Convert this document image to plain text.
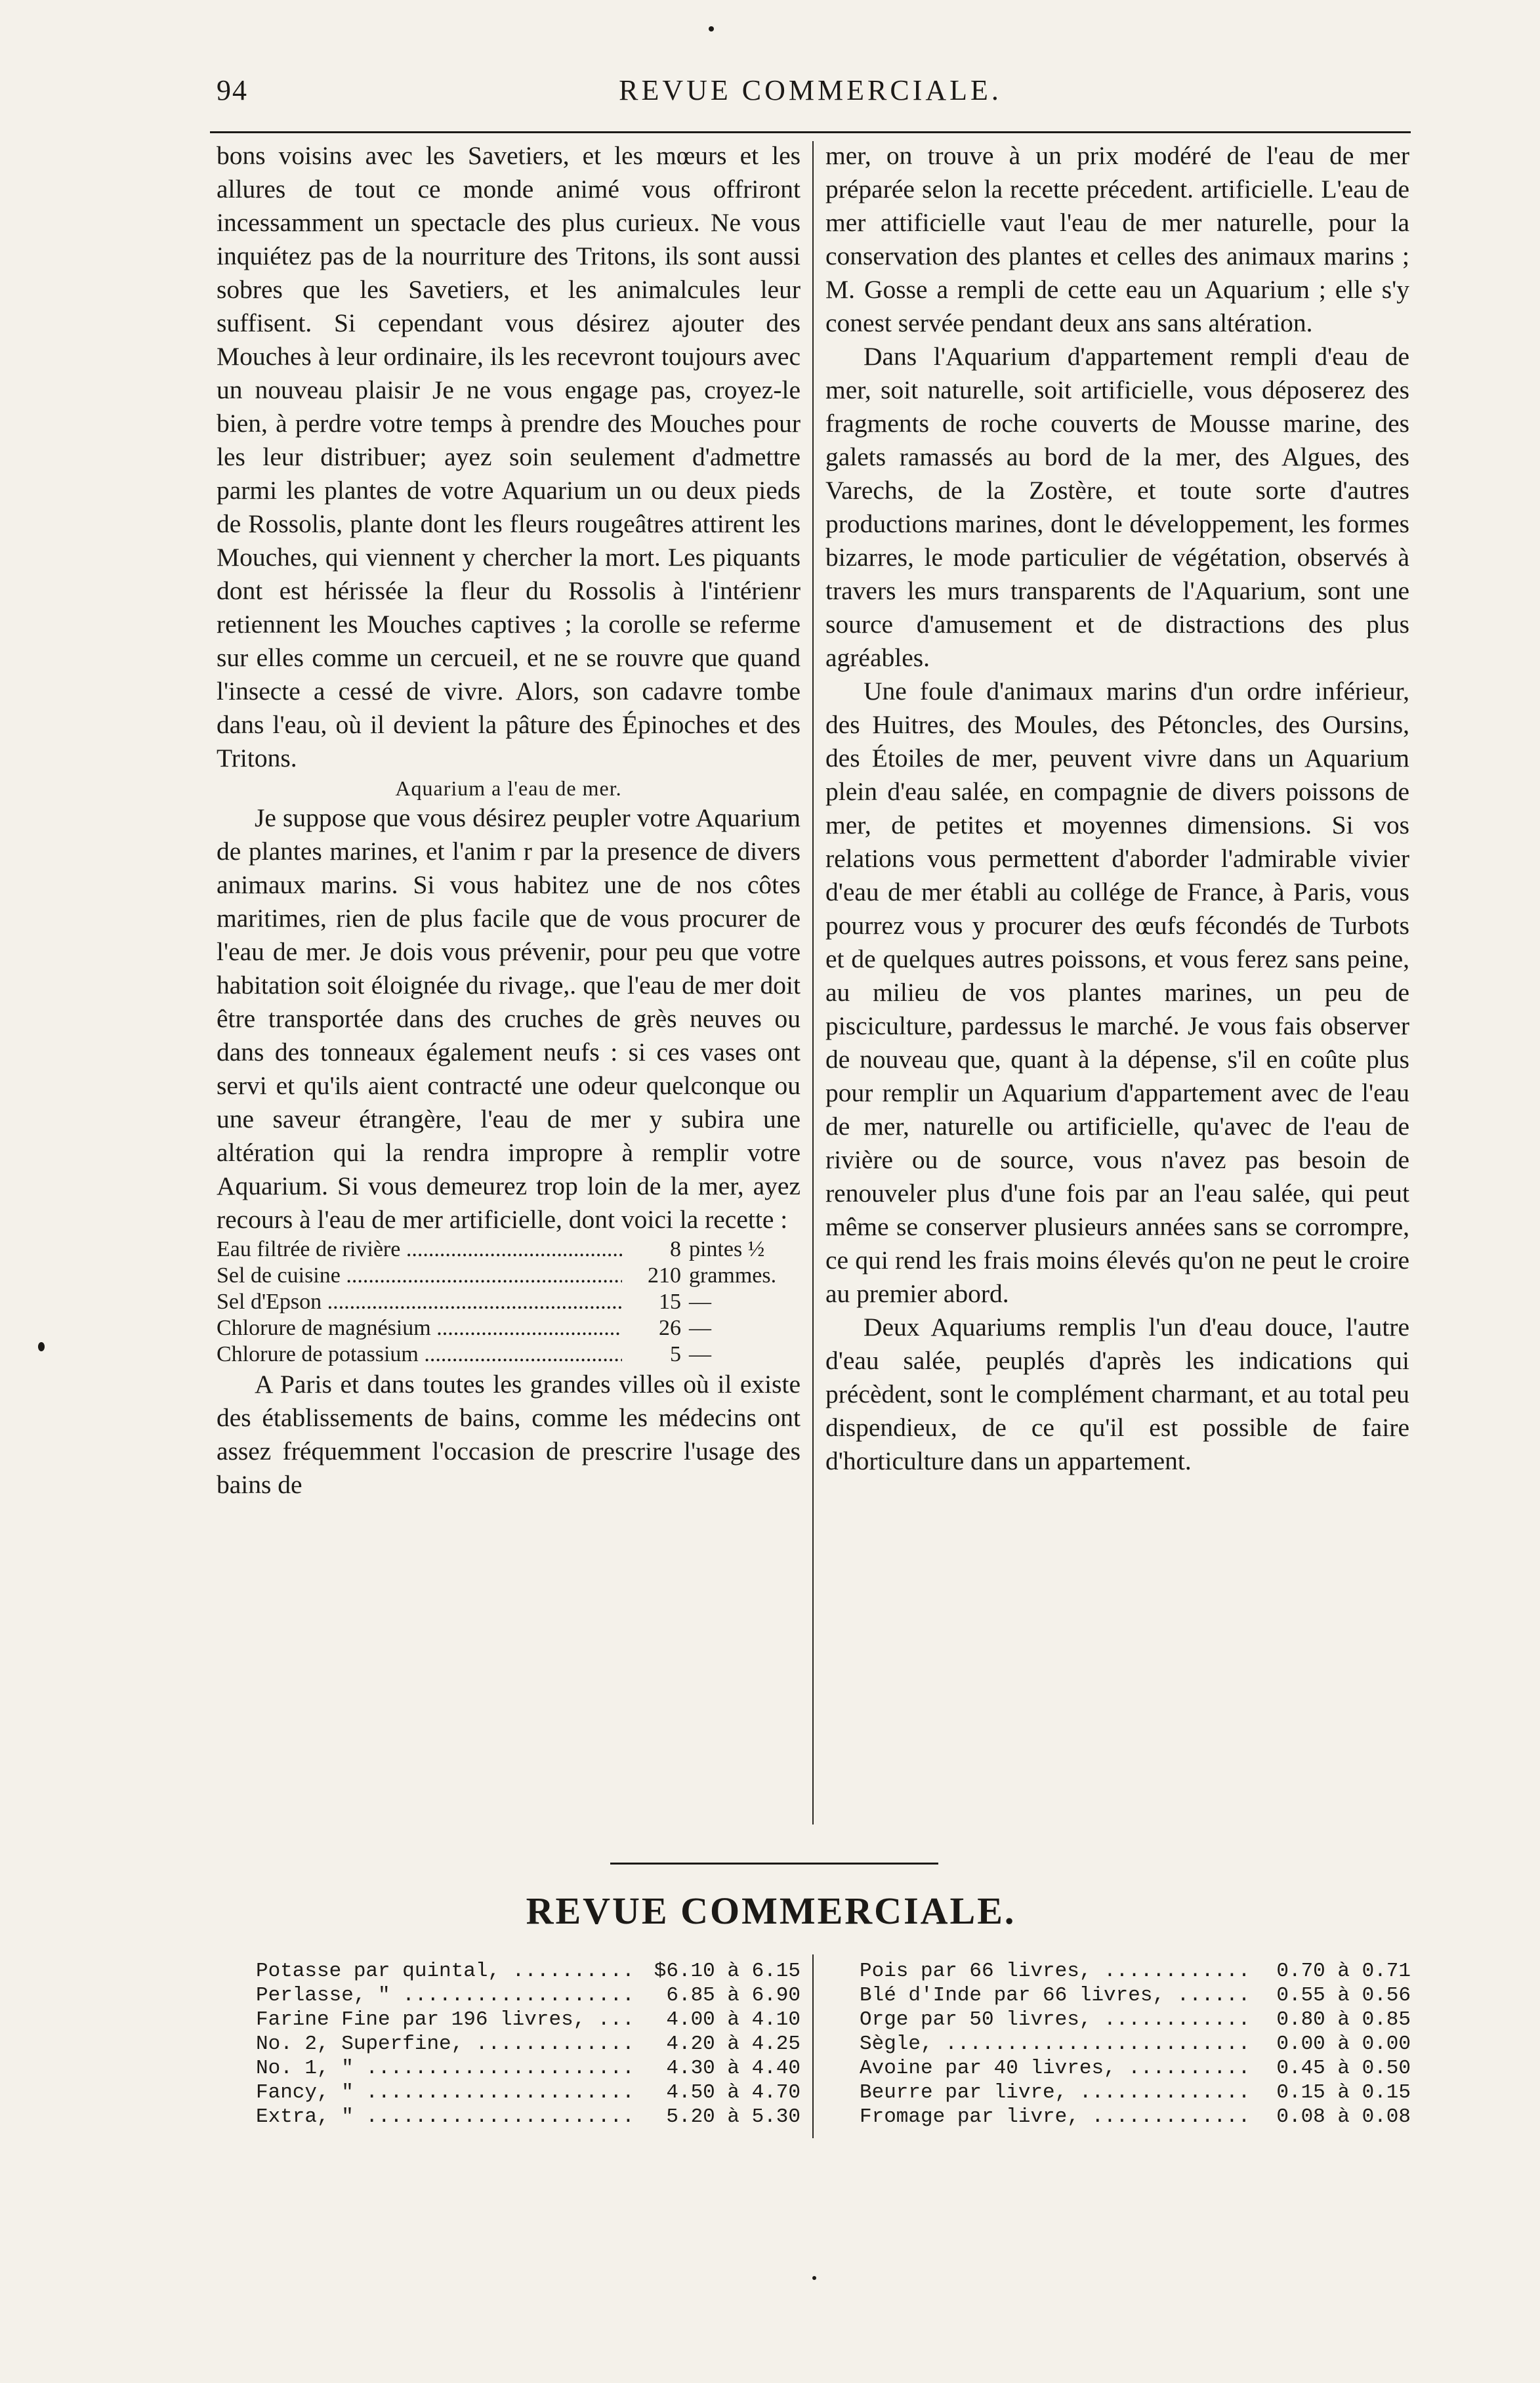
94	REVUE COMMERCIALE.

bons voisins avec les Savetiers, et les mœurs et les allures de tout ce monde animé vous offriront incessamment un spectacle des plus curieux. Ne vous inquiétez pas de la nourriture des Tritons, ils sont aussi sobres que les Savetiers, et les animalcules leur suffisent. Si cependant vous désirez ajouter des Mouches à leur ordinaire, ils les recevront toujours avec un nouveau plaisir Je ne vous engage pas, croyez-le bien, à perdre votre temps à prendre des Mouches pour les leur distribuer; ayez soin seulement d'admettre parmi les plantes de votre Aquarium un ou deux pieds de Rossolis, plante dont les fleurs rougeâtres attirent les Mouches, qui viennent y chercher la mort. Les piquants dont est hérissée la fleur du Rossolis à l'intérienr retiennent les Mouches captives ; la corolle se referme sur elles comme un cercueil, et ne se rouvre que quand l'insecte a cessé de vivre. Alors, son cadavre tombe dans l'eau, où il devient la pâture des Épinoches et des Tritons.

Aquarium a l'eau de mer.

Je suppose que vous désirez peupler votre Aquarium de plantes marines, et l'anim r par la presence de divers animaux marins. Si vous habitez une de nos côtes maritimes, rien de plus facile que de vous procurer de l'eau de mer. Je dois vous prévenir, pour peu que votre habitation soit éloignée du rivage,. que l'eau de mer doit être transportée dans des cruches de grès neuves ou dans des tonneaux également neufs : si ces vases ont servi et qu'ils aient contracté une odeur quelconque ou une saveur étrangère, l'eau de mer y subira une altération qui la rendra impropre à remplir votre Aquarium. Si vous demeurez trop loin de la mer, ayez recours à l'eau de mer artificielle, dont voici la recette :

Eau filtrée de rivière .....	8 pintes ½
Sel de cuisine .....	210 grammes.
Sel d'Epson .....	15 —
Chlorure de magnésium .....	26 —
Chlorure de potassium .....	5 —

A Paris et dans toutes les grandes villes où il existe des établissements de bains, comme les médecins ont assez fréquemment l'occasion de prescrire l'usage des bains de

mer, on trouve à un prix modéré de l'eau de mer préparée selon la recette précedent. artificielle. L'eau de mer attificielle vaut l'eau de mer naturelle, pour la conservation des plantes et celles des animaux marins ; M. Gosse a rempli de cette eau un Aquarium ; elle s'y conest servée pendant deux ans sans altération.

Dans l'Aquarium d'appartement rempli d'eau de mer, soit naturelle, soit artificielle, vous déposerez des fragments de roche couverts de Mousse marine, des galets ramassés au bord de la mer, des Algues, des Varechs, de la Zostère, et toute sorte d'autres productions marines, dont le développement, les formes bizarres, le mode particulier de végétation, observés à travers les murs transparents de l'Aquarium, sont une source d'amusement et de distractions des plus agréables.

Une foule d'animaux marins d'un ordre inférieur, des Huitres, des Moules, des Pétoncles, des Oursins, des Étoiles de mer, peuvent vivre dans un Aquarium plein d'eau salée, en compagnie de divers poissons de mer, de petites et moyennes dimensions. Si vos relations vous permettent d'aborder l'admirable vivier d'eau de mer établi au collége de France, à Paris, vous pourrez vous y procurer des œufs fécondés de Turbots et de quelques autres poissons, et vous ferez sans peine, au milieu de vos plantes marines, un peu de pisciculture, pardessus le marché. Je vous fais observer de nouveau que, quant à la dépense, s'il en coûte plus pour remplir un Aquarium d'appartement avec de l'eau de mer, naturelle ou artificielle, qu'avec de l'eau de rivière ou de source, vous n'avez pas besoin de renouveler plus d'une fois par an l'eau salée, qui peut même se conserver plusieurs années sans se corrompre, ce qui rend les frais moins élevés qu'on ne peut le croire au premier abord.

Deux Aquariums remplis l'un d'eau douce, l'autre d'eau salée, peuplés d'après les indications qui précèdent, sont le complément charmant, et au total peu dispendieux, de ce qu'il est possible de faire d'horticulture dans un appartement.

REVUE COMMERCIALE.
Potasse par quintal, .....	$6.10 à 6.15
Perlasse, " .....	6.85 à 6.90
Farine Fine par 196 livres, .....	4.00 à 4.10
No. 2, Superfine, .....	4.20 à 4.25
No. 1, " .....	4.30 à 4.40
Fancy, " .....	4.50 à 4.70
Extra, " .....	5.20 à 5.30
Pois par 66 livres, .....	0.70 à 0.71
Blé d'Inde par 66 livres, .....	0.55 à 0.56
Orge par 50 livres, .....	0.80 à 0.85
Sègle, .....	0.00 à 0.00
Avoine par 40 livres, .....	0.45 à 0.50
Beurre par livre, .....	0.15 à 0.15
Fromage par livre, .....	0.08 à 0.08
